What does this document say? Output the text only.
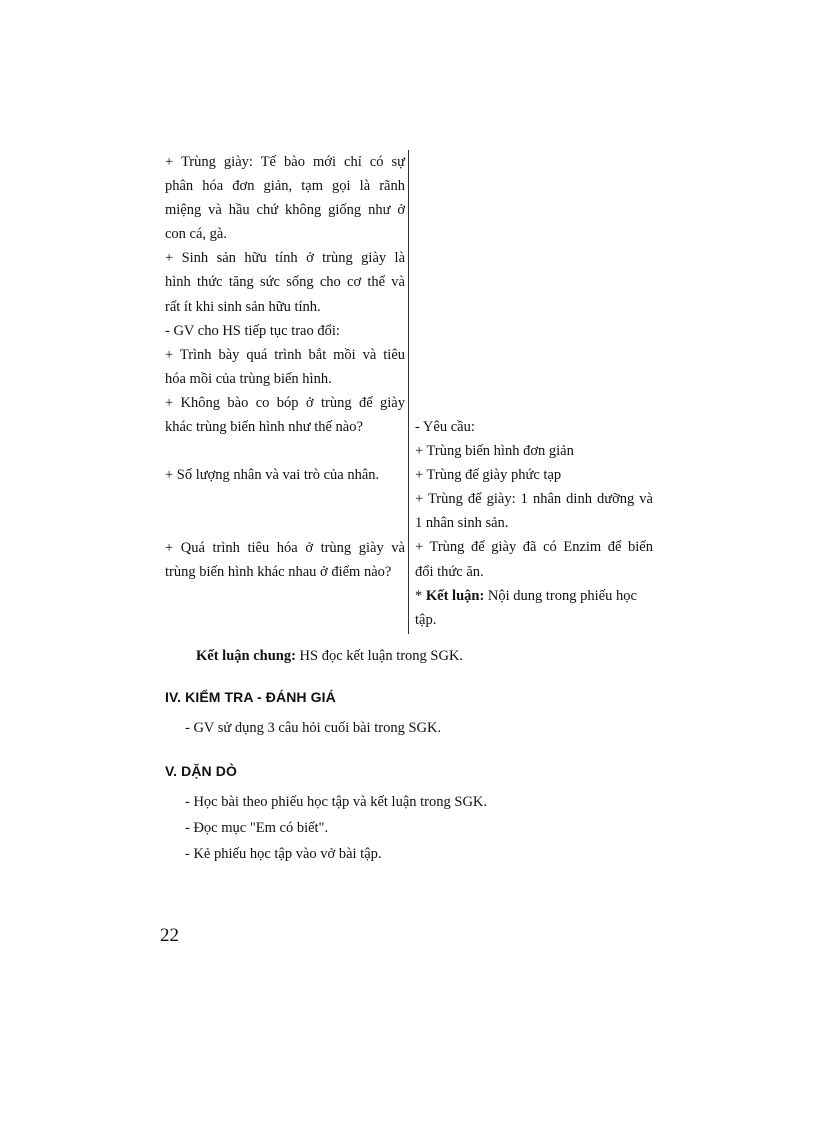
+ Trùng giày: Tế bào mới chỉ có sự
phân hóa đơn giản, tạm gọi là rãnh
miệng và hầu chứ không giống như ở
con cá, gà.
+ Sinh sản hữu tính ở trùng giày là
hình thức tăng sức sống cho cơ thể và
rất ít khi sinh sản hữu tính.
- GV cho HS tiếp tục trao đổi:
+ Trình bày quá trình bắt mồi và tiêu
hóa mồi của trùng biến hình.
+ Không bào co bóp ở trùng đế giày
khác trùng biến hình như thế nào?
+ Số lượng nhân và vai trò của nhân.
+ Quá trình tiêu hóa ở trùng giày và
trùng biến hình khác nhau ở điểm nào?
- Yêu cầu:
+ Trùng biến hình đơn giản
+ Trùng đế giày phức tạp
+ Trùng đế giày: 1 nhân dinh dưỡng và
1 nhân sinh sản.
+ Trùng đế giày đã có Enzim để biến
đổi thức ăn.
* Kết luận: Nội dung trong phiếu học
tập.
Kết luận chung: HS đọc kết luận trong SGK.
IV. KIỂM TRA - ĐÁNH GIÁ
- GV sử dụng 3 câu hỏi cuối bài trong SGK.
V. DẶN DÒ
- Học bài theo phiếu học tập và kết luận trong SGK.
- Đọc mục "Em có biết".
- Kẻ phiếu học tập vào vở bài tập.
22
